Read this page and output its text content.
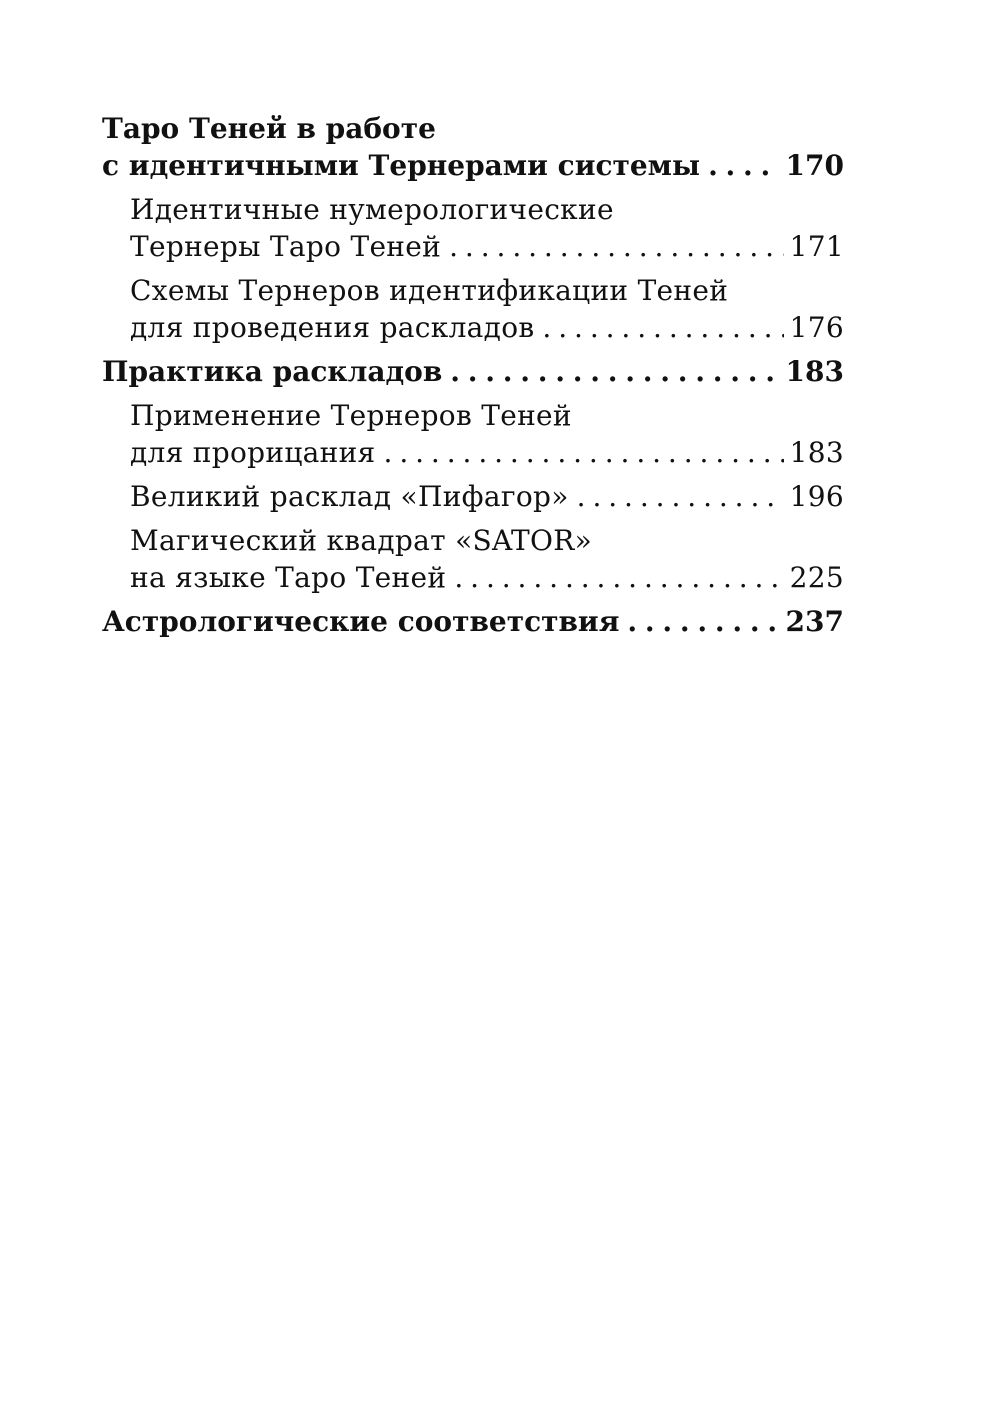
Таро Теней в работе
с идентичными Тернерами системы . . .	170
Идентичные нумерологические
Тернеры Таро Теней . . .	171
Схемы Тернеров идентификации Теней
для проведения раскладов . . .	176
Практика раскладов . . .	183
Применение Тернеров Теней
для прорицания . . .	183
Великий расклад «Пифагор» . . .	196
Магический квадрат «SATOR»
на языке Таро Теней . . .	225
Астрологические соответствия . . .	237
